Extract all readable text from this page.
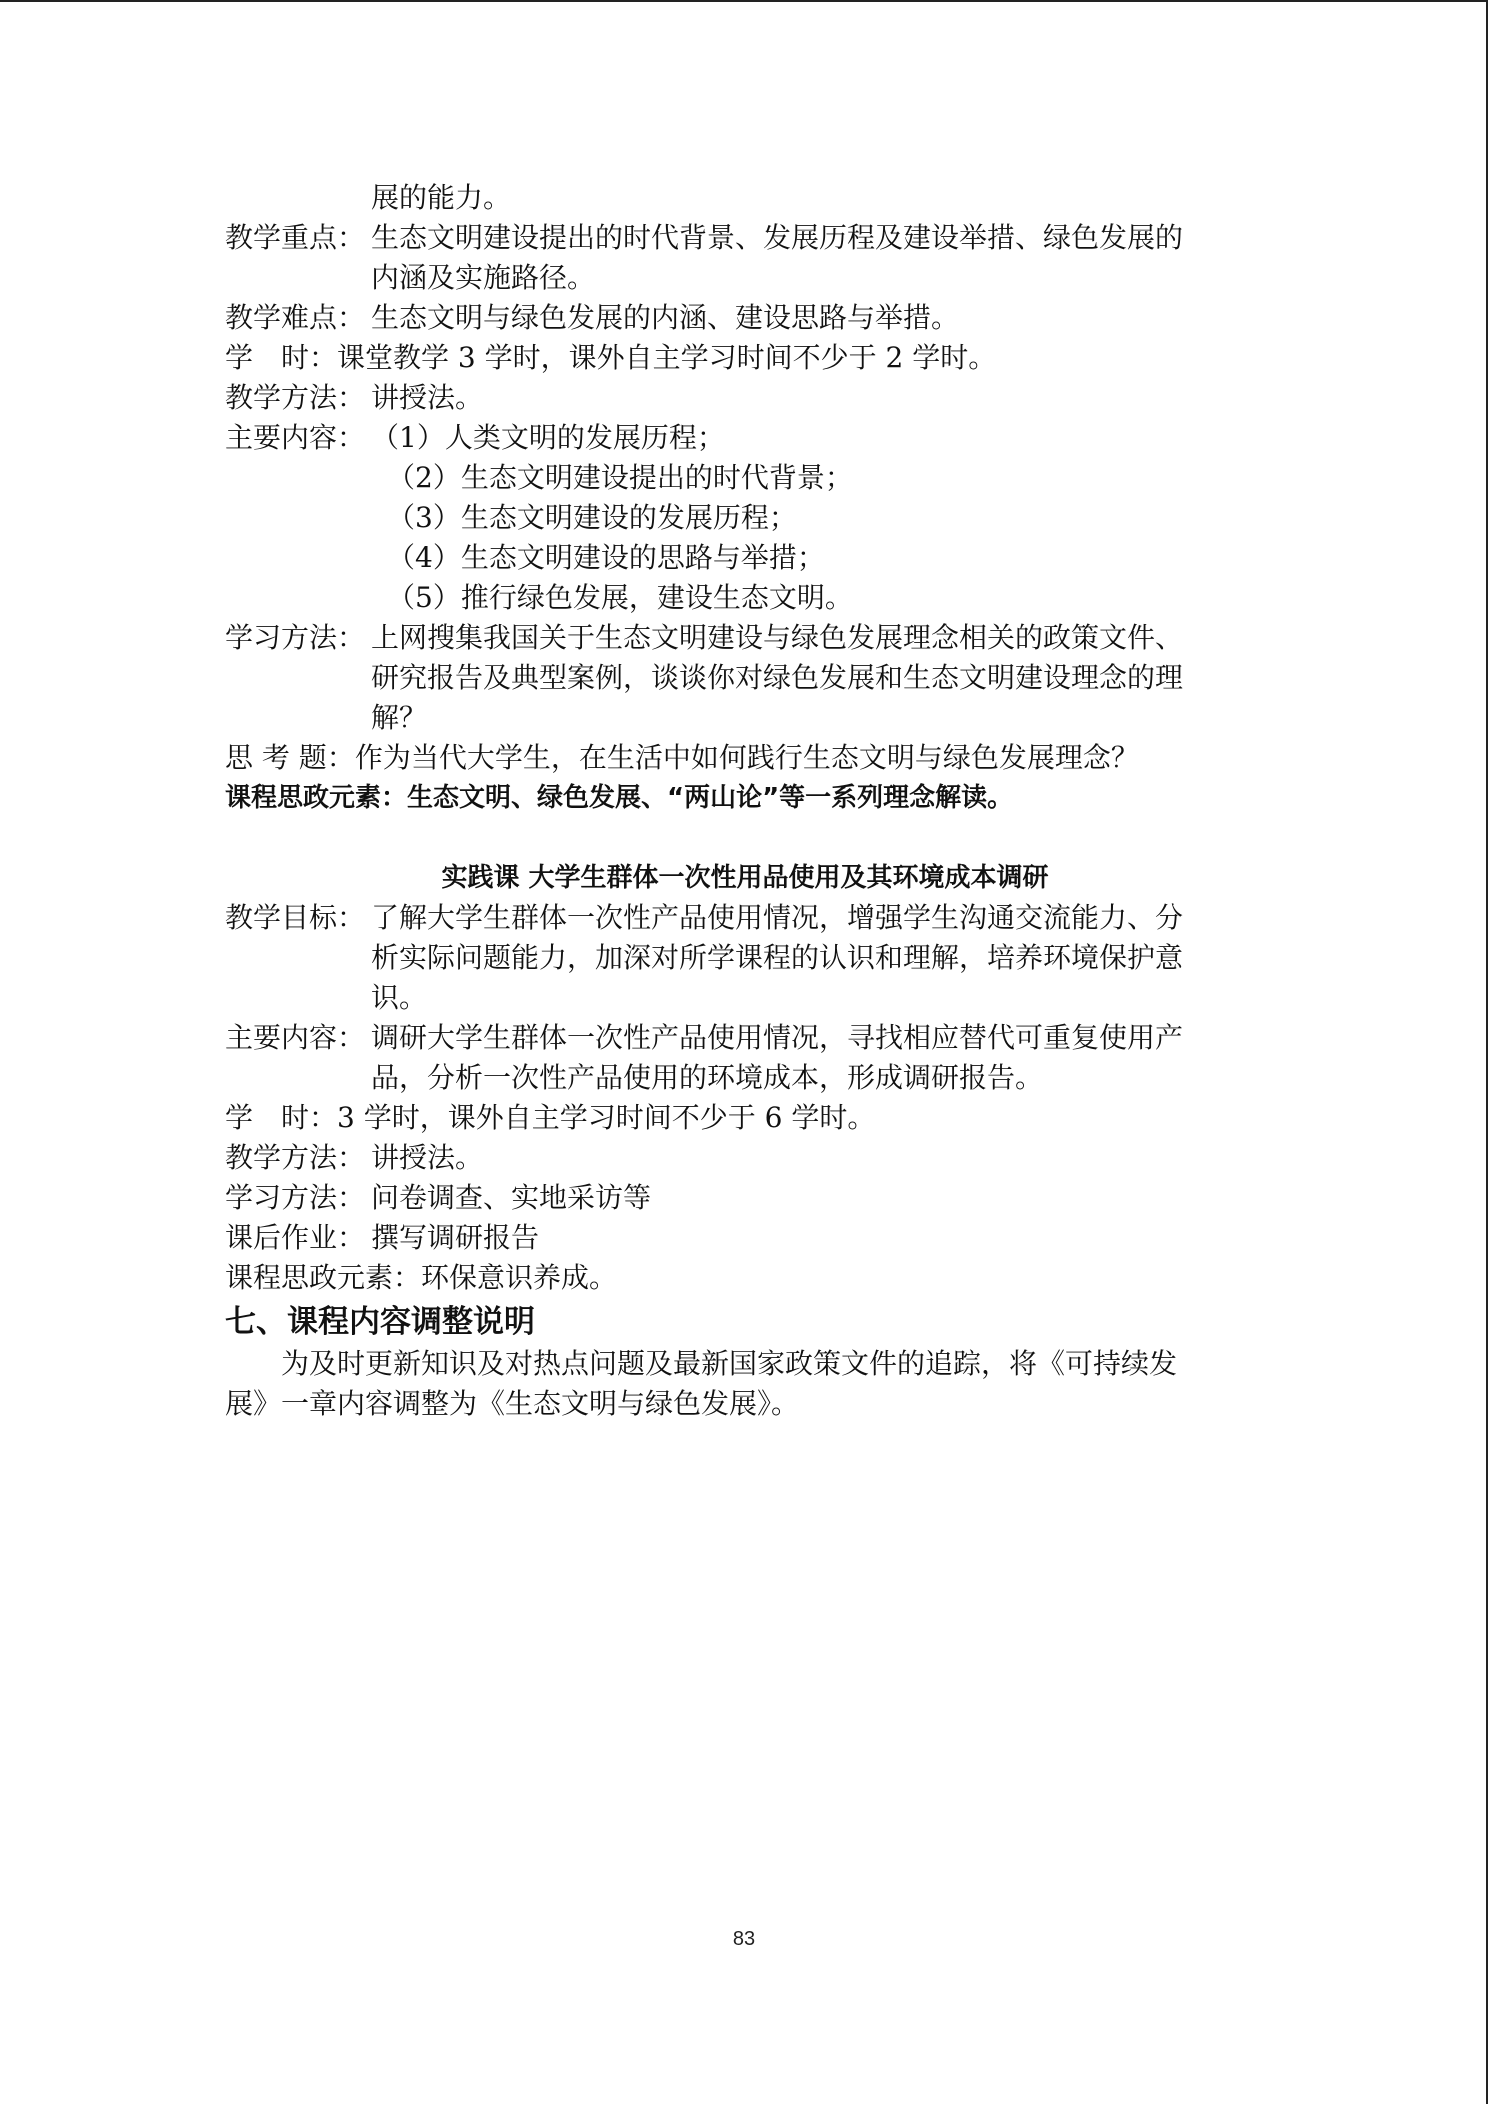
展的能力。
教学重点： 生态文明建设提出的时代背景、发展历程及建设举措、绿色发展的
内涵及实施路径。
教学难点： 生态文明与绿色发展的内涵、建设思路与举措。
学　时： 课堂教学 3 学时，课外自主学习时间不少于 2 学时。
教学方法： 讲授法。
主要内容： （1）人类文明的发展历程；
（2）生态文明建设提出的时代背景；
（3）生态文明建设的发展历程；
（4）生态文明建设的思路与举措；
（5）推行绿色发展，建设生态文明。
学习方法： 上网搜集我国关于生态文明建设与绿色发展理念相关的政策文件、
研究报告及典型案例，谈谈你对绿色发展和生态文明建设理念的理
解？
思 考 题： 作为当代大学生，在生活中如何践行生态文明与绿色发展理念？
课程思政元素：生态文明、绿色发展、“两山论”等一系列理念解读。
实践课 大学生群体一次性用品使用及其环境成本调研
教学目标： 了解大学生群体一次性产品使用情况，增强学生沟通交流能力、分
析实际问题能力，加深对所学课程的认识和理解，培养环境保护意
识。
主要内容： 调研大学生群体一次性产品使用情况，寻找相应替代可重复使用产
品，分析一次性产品使用的环境成本，形成调研报告。
学　时： 3 学时，课外自主学习时间不少于 6 学时。
教学方法： 讲授法。
学习方法： 问卷调查、实地采访等
课后作业： 撰写调研报告
课程思政元素：环保意识养成。
七、课程内容调整说明
为及时更新知识及对热点问题及最新国家政策文件的追踪，将《可持续发
展》一章内容调整为《生态文明与绿色发展》。
83
